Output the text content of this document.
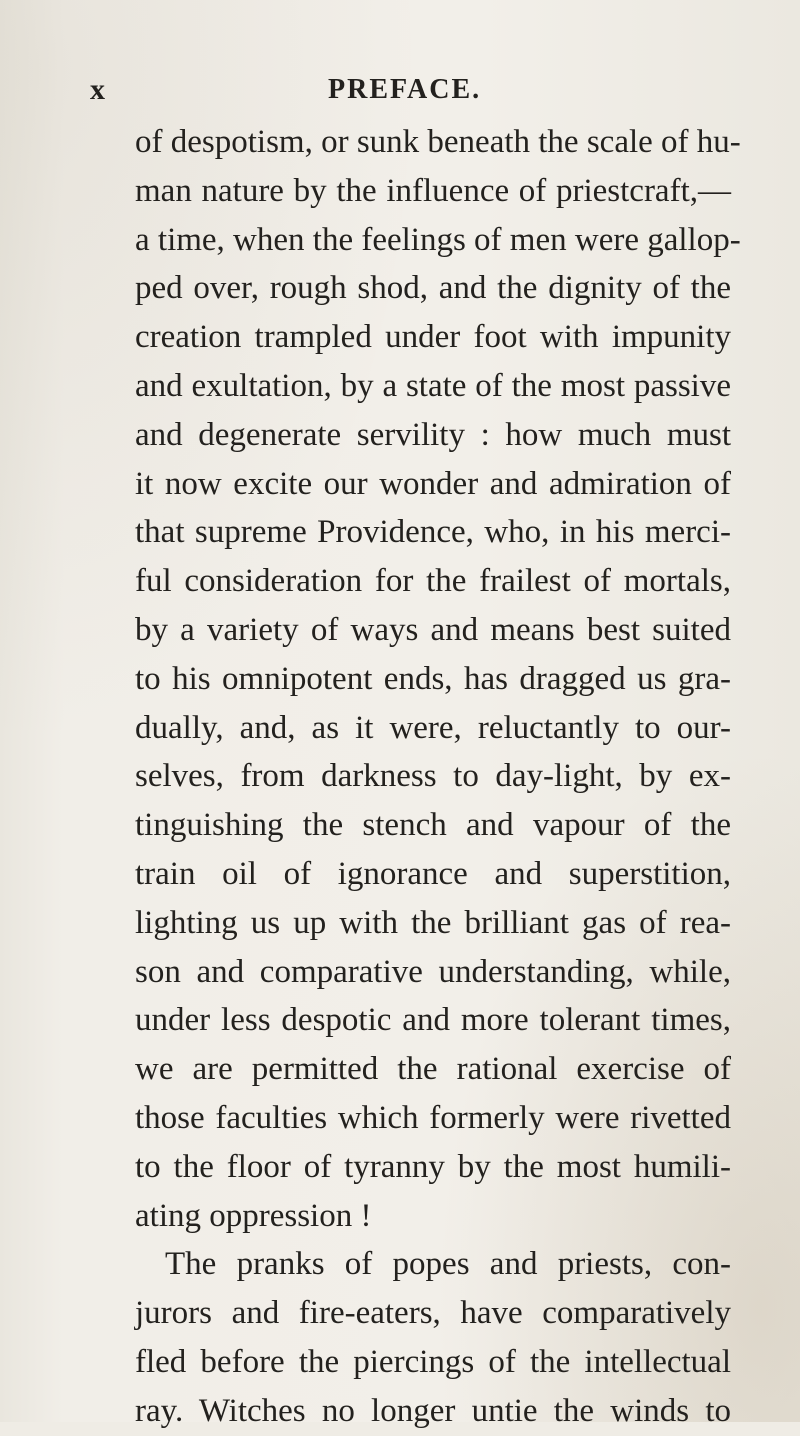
x	PREFACE.
of despotism, or sunk beneath the scale of hu-
man nature by the influence of priestcraft,—
a time, when the feelings of men were gallop-
ped over, rough shod, and the dignity of the
creation trampled under foot with impunity
and exultation, by a state of the most passive
and degenerate servility : how much must
it now excite our wonder and admiration of
that supreme Providence, who, in his merci-
ful consideration for the frailest of mortals,
by a variety of ways and means best suited
to his omnipotent ends, has dragged us gra-
dually, and, as it were, reluctantly to our-
selves, from darkness to day-light, by ex-
tinguishing the stench and vapour of the
train oil of ignorance and superstition,
lighting us up with the brilliant gas of rea-
son and comparative understanding, while,
under less despotic and more tolerant times,
we are permitted the rational exercise of
those faculties which formerly were rivetted
to the floor of tyranny by the most humili-
ating oppression !
The pranks of popes and priests, con-
jurors and fire-eaters, have comparatively
fled before the piercings of the intellectual
ray. Witches no longer untie the winds to
